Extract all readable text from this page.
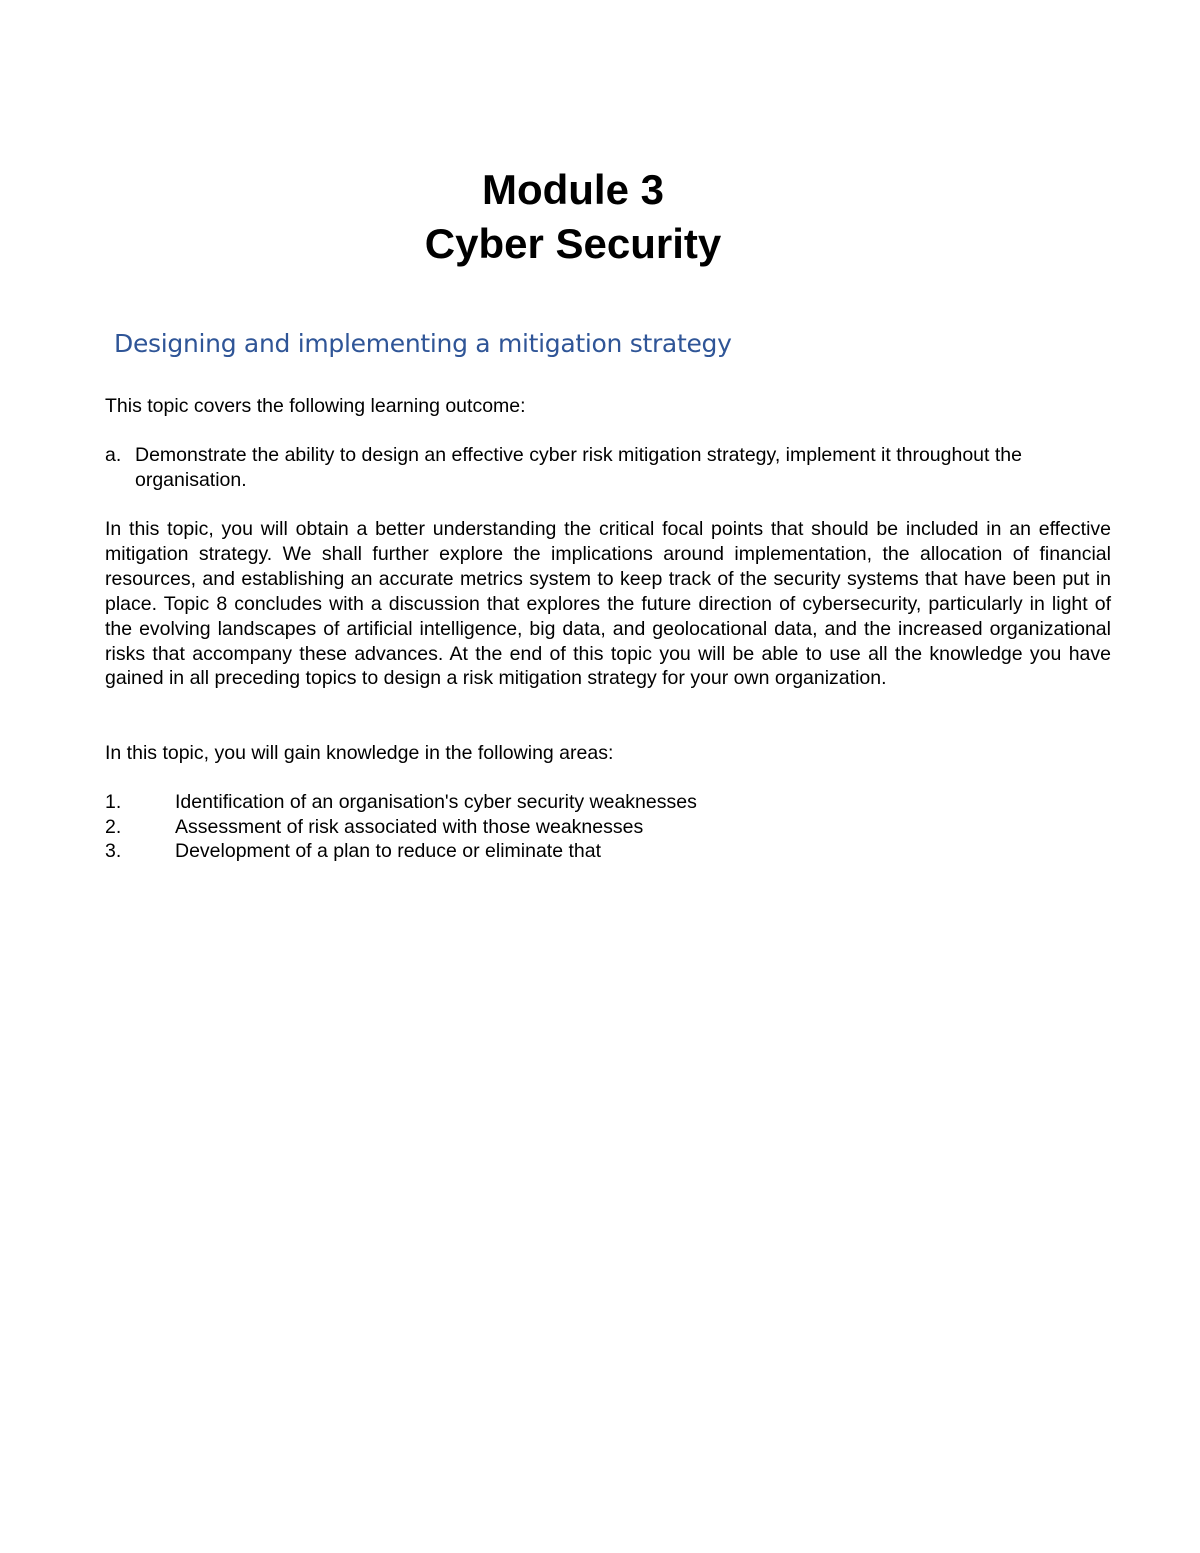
Module 3
Cyber Security
Designing and implementing a mitigation strategy

This topic covers the following learning outcome:

a. Demonstrate the ability to design an effective cyber risk mitigation strategy, implement it throughout the organisation.

In this topic, you will obtain a better understanding the critical focal points that should be included in an effective mitigation strategy. We shall further explore the implications around implementation, the allocation of financial resources, and establishing an accurate metrics system to keep track of the security systems that have been put in place. Topic 8 concludes with a discussion that explores the future direction of cybersecurity, particularly in light of the evolving landscapes of artificial intelligence, big data, and geolocational data, and the increased organizational risks that accompany these advances. At the end of this topic you will be able to use all the knowledge you have gained in all preceding topics to design a risk mitigation strategy for your own organization.

In this topic, you will gain knowledge in the following areas:

1.	Identification of an organisation's cyber security weaknesses
2.	Assessment of risk associated with those weaknesses
3.	Development of a plan to reduce or eliminate that
